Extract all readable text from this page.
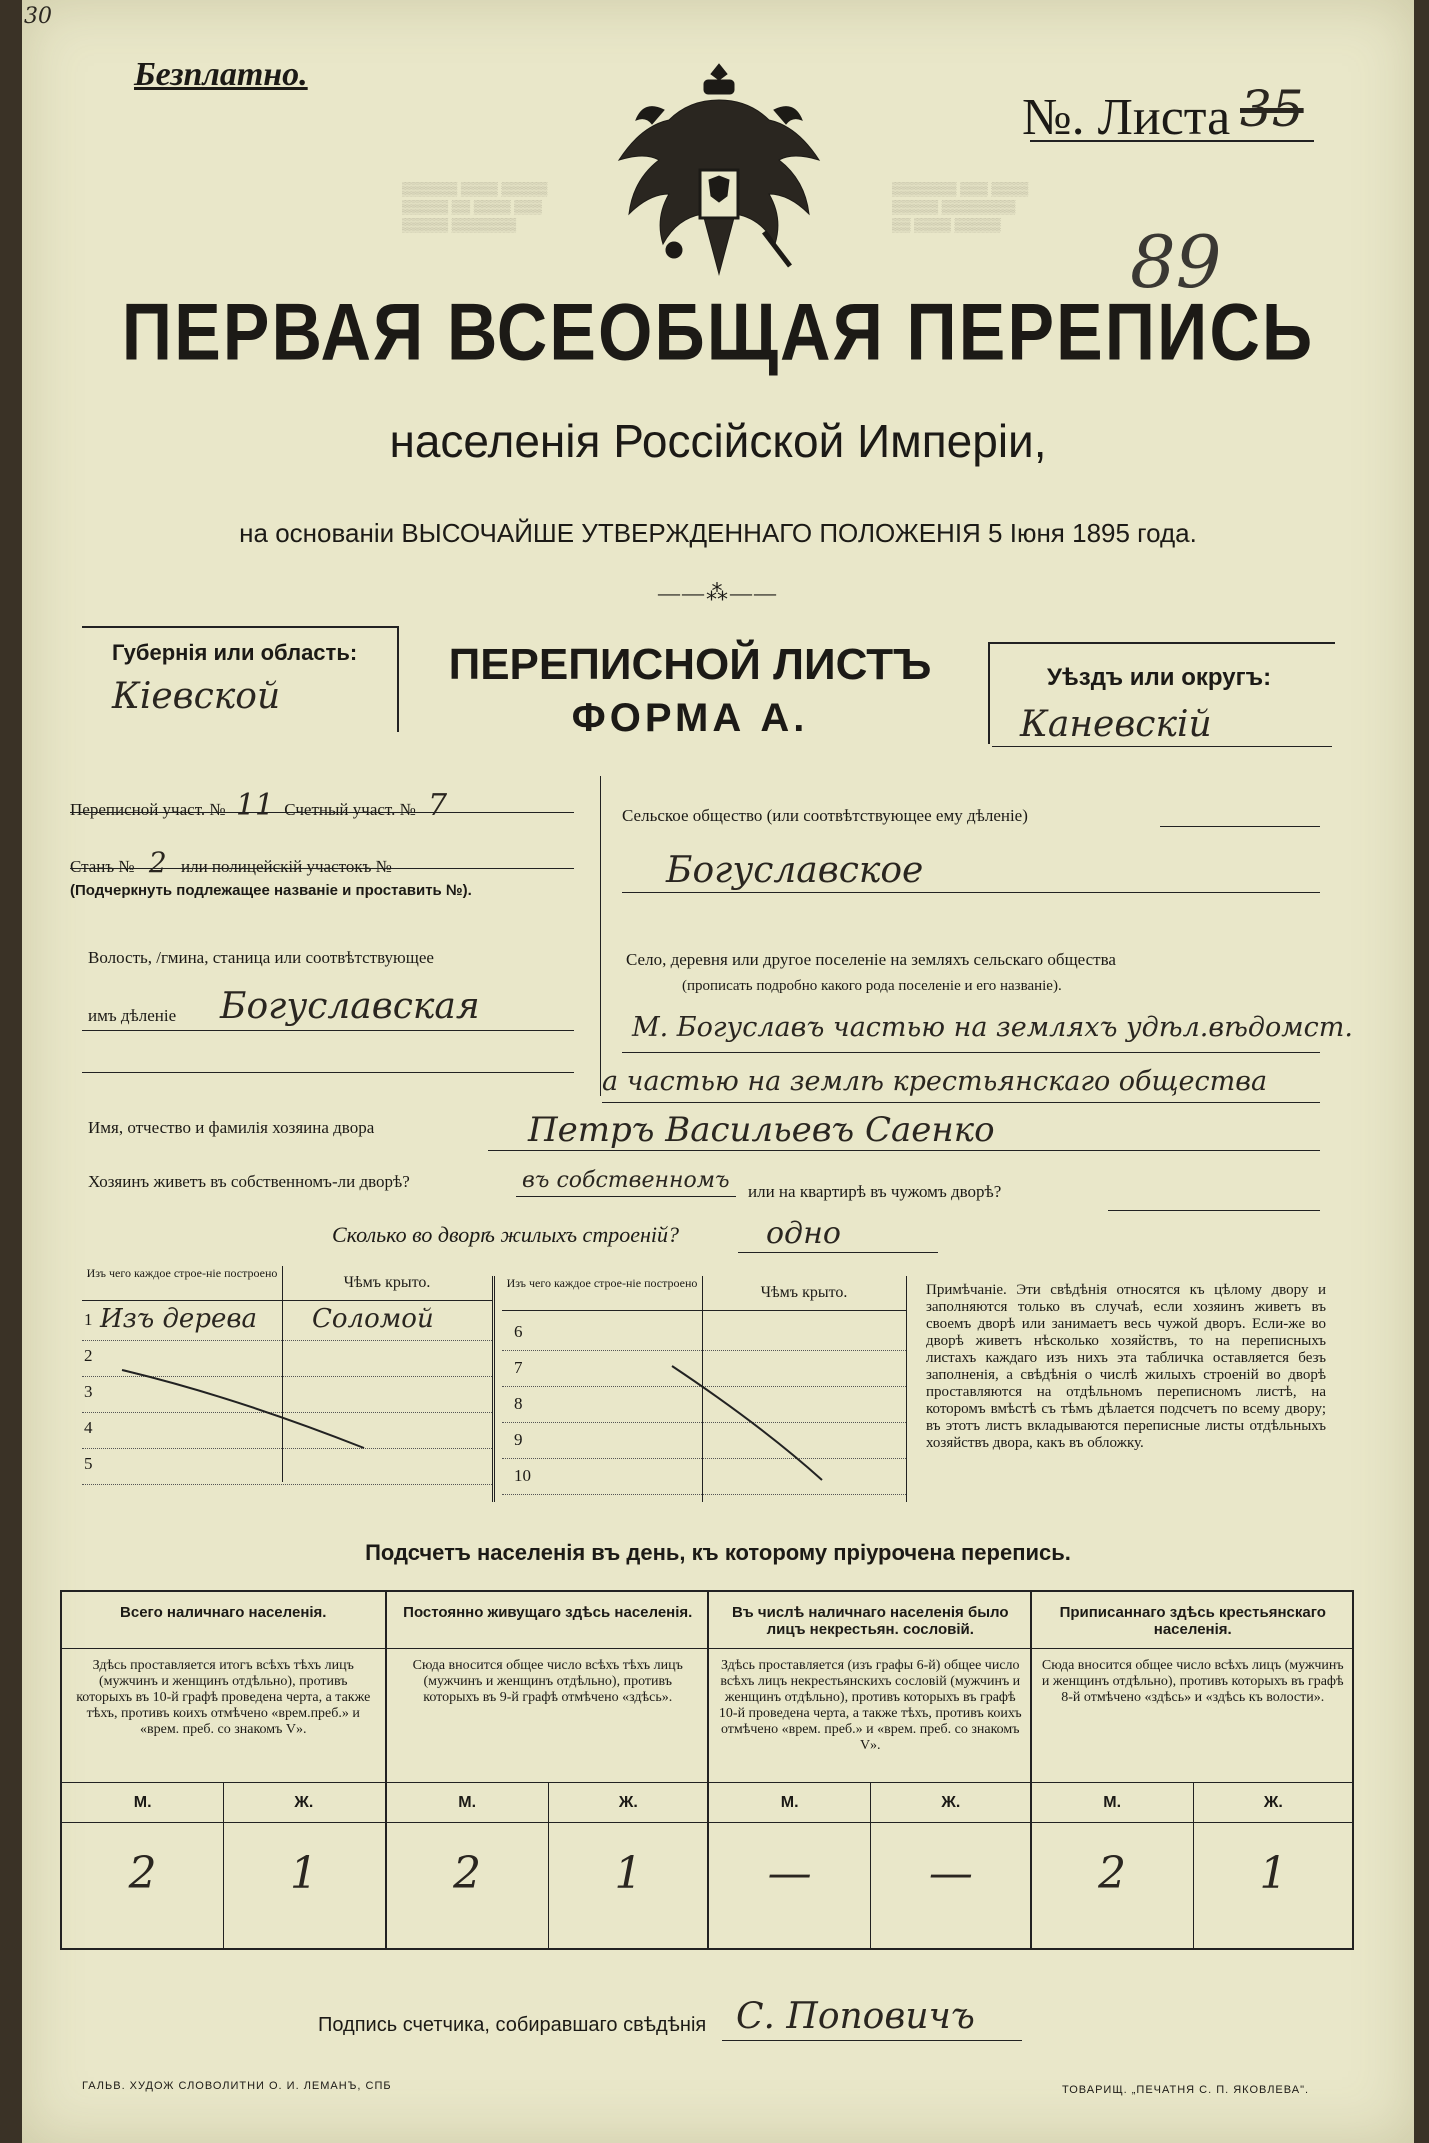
30
Безплатно.
№. Листа 35
89
▒▒▒▒▒▒ ▒▒▒▒ ▒▒▒▒▒
▒▒▒▒▒ ▒▒ ▒▒▒▒ ▒▒▒
▒▒▒▒▒ ▒▒▒▒▒▒▒
▒▒▒▒▒▒▒ ▒▒▒ ▒▒▒▒
▒▒▒▒▒ ▒▒▒▒▒▒▒▒
▒▒ ▒▒▒▒ ▒▒▒▒▒
ПЕРВАЯ ВСЕОБЩАЯ ПЕРЕПИСЬ
населенія Россійской Имперіи,
на основаніи ВЫСОЧАЙШЕ УТВЕРЖДЕННАГО ПОЛОЖЕНІЯ 5 Іюня 1895 года.
——⁂——
Губернія или область:
Кіевской
ПЕРЕПИСНОЙ ЛИСТЪ
ФОРМА А.
Уѣздъ или округъ:
Каневскій
Переписной участ. № 11 Счетный участ. № 7
Станъ № 2 или полицейскій участокъ №
(Подчеркнуть подлежащее названіе и проставить №).
Волость, /гмина, станица или соотвѣтствующее
имъ дѣленіе Богуславская
Сельское общество (или соотвѣтствующее ему дѣленіе)
Богуславское
Село, деревня или другое поселеніе на земляхъ сельскаго общества
(прописать подробно какого рода поселеніе и его названіе).
М. Богуславъ частью на земляхъ удѣл.вѣдомст.
а частью на землѣ крестьянскаго общества
Имя, отчество и фамилія хозяина двора	Петръ Васильевъ Саенко
Хозяинъ живетъ въ собственномъ-ли дворѣ?	въ собственномъ или на квартирѣ въ чужомъ дворѣ?
Сколько во дворѣ жилыхъ строеній?	одно
Изъ чего каждое строе-ніе построено
Чѣмъ крыто.
1 Изъ дерева Соломой
2
3
4
5
Изъ чего каждое строе-ніе построено
Чѣмъ крыто.
6
7
8
9
10
Примѣчаніе. Эти свѣдѣнія относятся къ цѣлому двору и заполняются только въ случаѣ, если хозяинъ живетъ въ своемъ дворѣ или занимаетъ весь чужой дворъ. Если-же во дворѣ живетъ нѣсколько хозяйствъ, то на переписныхъ листахъ каждаго изъ нихъ эта табличка оставляется безъ заполненія, а свѣдѣнія о числѣ жилыхъ строеній во дворѣ проставляются на отдѣльномъ переписномъ листѣ, на которомъ вмѣстѣ съ тѣмъ дѣлается подсчетъ по всему двору; въ этотъ листъ вкладываются переписные листы отдѣльныхъ хозяйствъ двора, какъ въ обложку.
Подсчетъ населенія въ день, къ которому пріурочена перепись.
Всего наличнаго населенія.
Здѣсь проставляется итогъ всѣхъ тѣхъ лицъ (мужчинъ и женщинъ отдѣльно), противъ которыхъ въ 10-й графѣ проведена черта, а также тѣхъ, противъ коихъ отмѣчено «врем.преб.» и «врем. преб. со знакомъ V».
М.	Ж.
2	1
Постоянно живущаго здѣсь населенія.
Сюда вносится общее число всѣхъ тѣхъ лицъ (мужчинъ и женщинъ отдѣльно), противъ которыхъ въ 9-й графѣ отмѣчено «здѣсь».
М.	Ж.
2	1
Въ числѣ наличнаго населенія было лицъ некрестьян. сословій.
Здѣсь проставляется (изъ графы 6-й) общее число всѣхъ лицъ некрестьянскихъ сословій (мужчинъ и женщинъ отдѣльно), противъ которыхъ въ графѣ 10-й проведена черта, а также тѣхъ, противъ коихъ отмѣчено «врем. преб.» и «врем. преб. со знакомъ V».
М.	Ж.
—	—
Приписаннаго здѣсь крестьянскаго населенія.
Сюда вносится общее число всѣхъ лицъ (мужчинъ и женщинъ отдѣльно), противъ которыхъ въ графѣ 8-й отмѣчено «здѣсь» и «здѣсь къ волости».
М.	Ж.
2	1
Подпись счетчика, собиравшаго свѣдѣнія С. Поповичъ
ГАЛЬВ. ХУДОЖ СЛОВОЛИТНИ О. И. ЛЕМАНЪ, СПБ	ТОВАРИЩ. „ПЕЧАТНЯ С. П. ЯКОВЛЕВА".
